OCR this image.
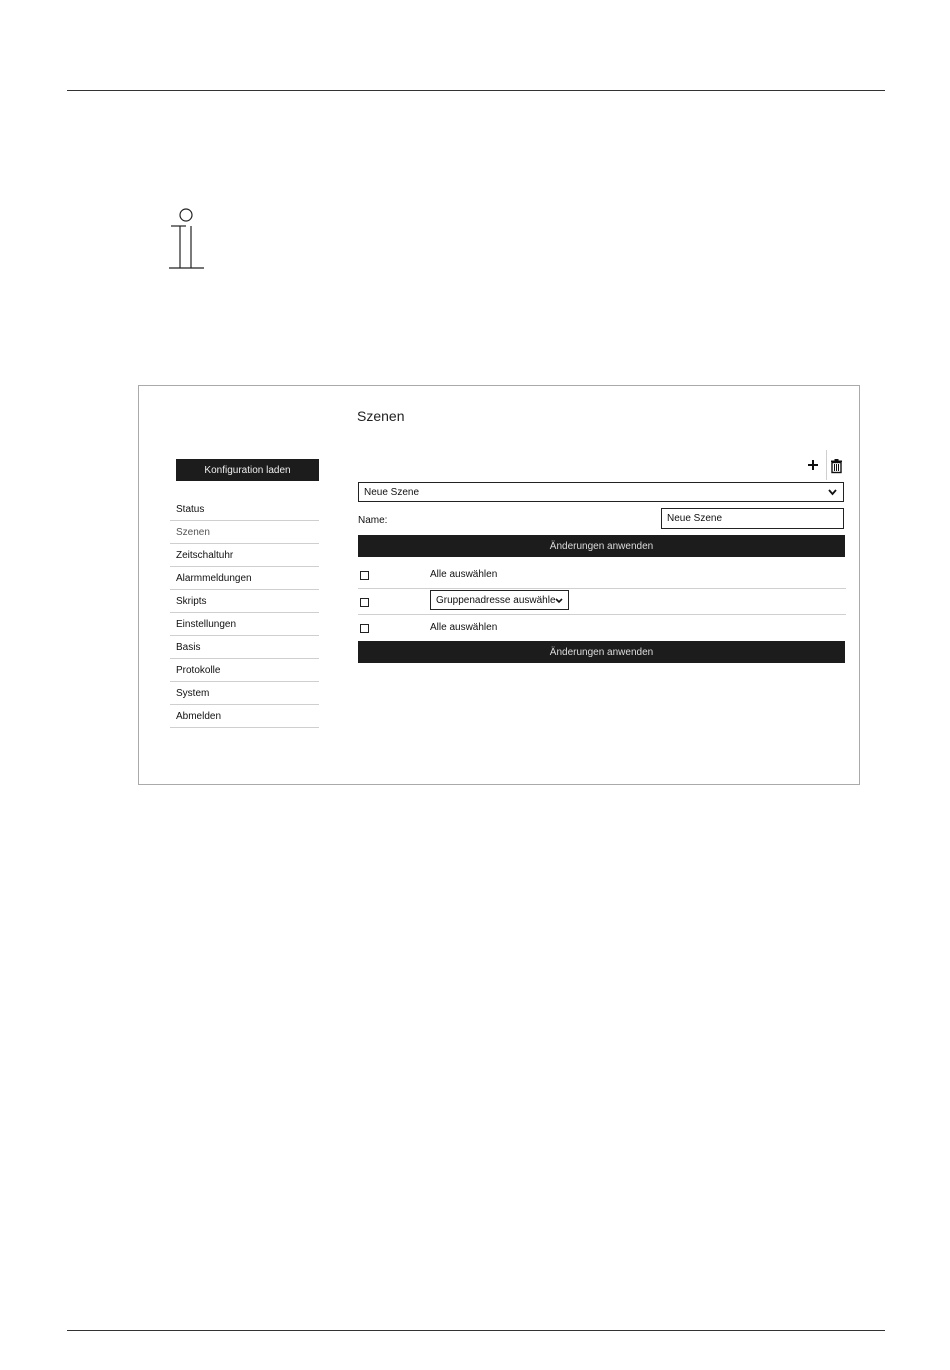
Szenen
Konfiguration laden
Status
Szenen
Zeitschaltuhr
Alarmmeldungen
Skripts
Einstellungen
Basis
Protokolle
System
Abmelden
Neue Szene
Name:	Neue Szene
Änderungen anwenden
Alle auswählen
Gruppenadresse auswählen
Alle auswählen
Änderungen anwenden
